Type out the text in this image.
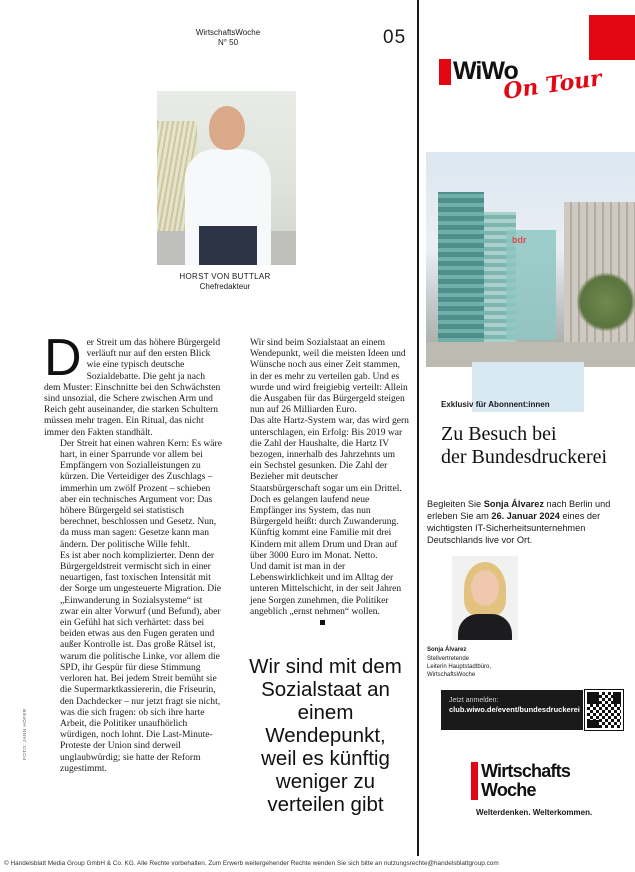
WirtschaftsWoche
N° 50	05
HORST VON BUTTLAR
Chefredakteur

Der Streit um das höhere Bürgergeld verläuft nur auf den ersten Blick wie eine typisch deutsche Sozialdebatte. Die geht ja nach dem Muster: Einschnitte bei den Schwächsten sind unsozial, die Schere zwischen Arm und Reich geht auseinander, die starken Schultern müssen mehr tragen. Ein Ritual, das nicht immer den Fakten standhält.

Der Streit hat einen wahren Kern: Es wäre hart, in einer Sparrunde vor allem bei Empfängern von Sozialleistungen zu kürzen. Die Verteidiger des Zuschlags – immerhin um zwölf Prozent – schieben aber ein technisches Argument vor: Das höhere Bürgergeld sei statistisch berechnet, beschlossen und Gesetz. Nun, da muss man sagen: Gesetze kann man ändern. Der politische Wille fehlt.

Es ist aber noch komplizierter. Denn der Bürgergeldstreit vermischt sich in einer neuartigen, fast toxischen Intensität mit der Sorge um ungesteuerte Migration. Die „Einwanderung in Sozialsysteme“ ist zwar ein alter Vorwurf (und Befund), aber ein Gefühl hat sich verhärtet: dass bei beiden etwas aus den Fugen geraten und außer Kontrolle ist. Das große Rätsel ist, warum die politische Linke, vor allem die SPD, ihr Gespür für diese Stimmung verloren hat. Bei jedem Streit bemüht sie die Supermarktkassiererin, die Friseurin, den Dachdecker – nur jetzt fragt sie nicht, was die sich fragen: ob sich ihre harte Arbeit, die Politiker unaufhörlich würdigen, noch lohnt. Die Last-Minute-Proteste der Union sind derweil unglaubwürdig; sie hatte der Reform zugestimmt.

Wir sind beim Sozialstaat an einem Wendepunkt, weil die meisten Ideen und Wünsche noch aus einer Zeit stammen, in der es mehr zu verteilen gab. Und es wurde und wird freigiebig verteilt: Allein die Ausgaben für das Bürgergeld steigen nun auf 26 Milliarden Euro.

Das alte Hartz-System war, das wird gern unterschlagen, ein Erfolg: Bis 2019 war die Zahl der Haushalte, die Hartz IV bezogen, innerhalb des Jahrzehnts um ein Sechstel gesunken. Die Zahl der Bezieher mit deutscher Staatsbürgerschaft sogar um ein Drittel. Doch es gelangen laufend neue Empfänger ins System, das nun Bürgergeld heißt: durch Zuwanderung. Künftig kommt eine Familie mit drei Kindern mit allem Drum und Dran auf über 3000 Euro im Monat. Netto.

Und damit ist man in der Lebenswirklichkeit und im Alltag der unteren Mittelschicht, in der seit Jahren jene Sorgen zunehmen, die Politiker angeblich „ernst nehmen“ wollen.

Wir sind mit dem Sozialstaat an einem Wendepunkt, weil es künftig weniger zu verteilen gibt
FOTO: JANN HÖFER
WiWo
On Tour
bdr
Exklusiv für Abonnent:innen
Zu Besuch bei
der Bundesdruckerei
Begleiten Sie Sonja Álvarez nach Berlin und erleben Sie am 26. Januar 2024 eines der wichtigsten IT-Sicherheitsunternehmen Deutschlands live vor Ort.
Sonja Álvarez
Stellvertretende
Leiterin Hauptstadtbüro,
WirtschaftsWoche
Jetzt anmelden:
club.wiwo.de/event/bundesdruckerei
Wirtschafts
Woche
Welterdenken. Welterkommen.
© Handelsblatt Media Group GmbH & Co. KG. Alle Rechte vorbehalten. Zum Erwerb weitergehender Rechte wenden Sie sich bitte an nutzungsrechte@handelsblattgroup.com
